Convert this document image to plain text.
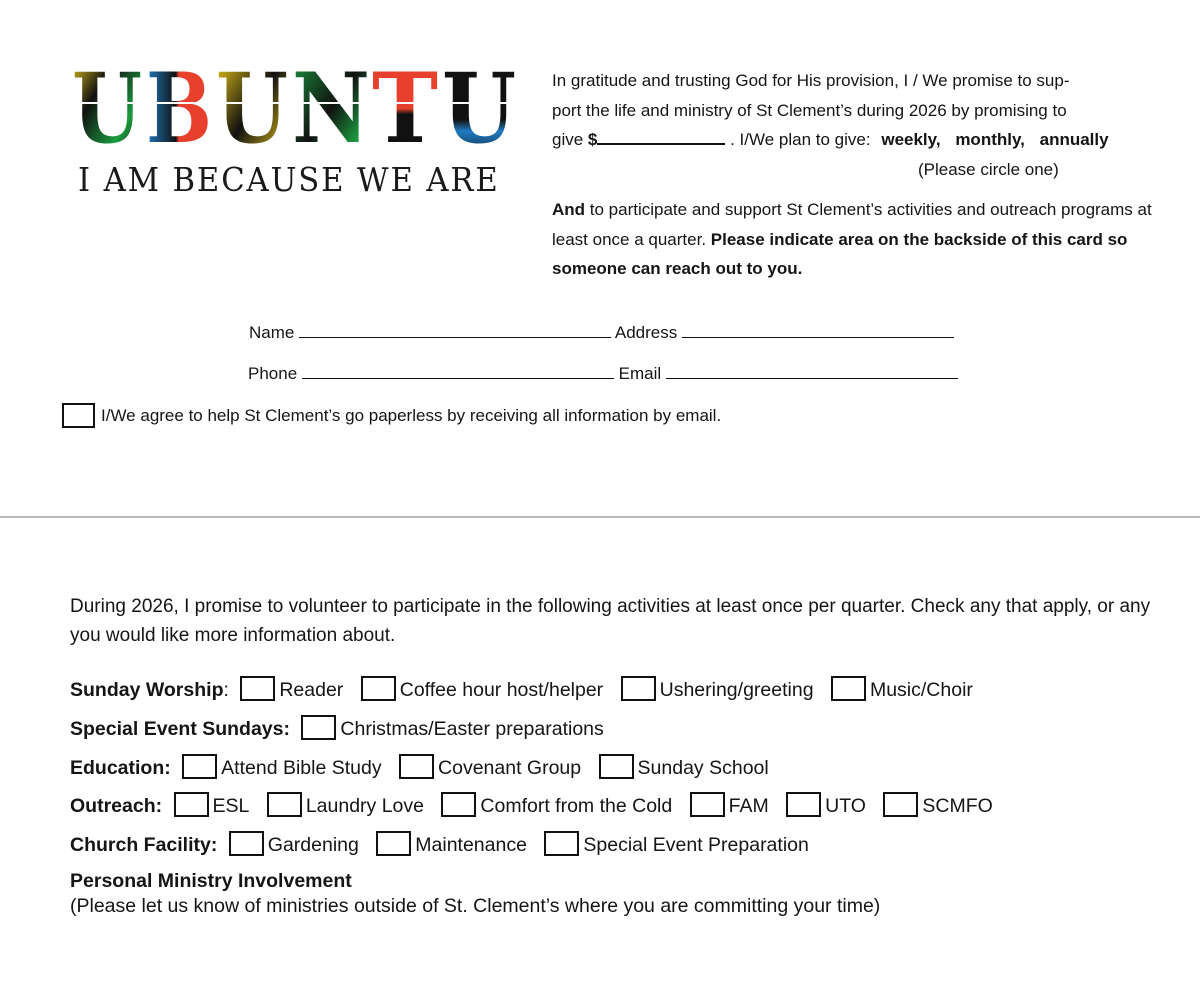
U B U N T U
I AM BECAUSE WE ARE
In gratitude and trusting God for His provision, I / We promise to sup-
port the life and ministry of St Clement’s during 2026 by promising to
give $	. I/We plan to give: weekly, monthly, annually
(Please circle one)
And to participate and support St Clement’s activities and outreach programs at least once a quarter. Please indicate area on the backside of this card so someone can reach out to you.
Name	Address
Phone	Email
I/We agree to help St Clement’s go paperless by receiving all information by email.
During 2026, I promise to volunteer to participate in the following activities at least once per quarter. Check any that apply, or any you would like more information about.
Sunday Worship:	Reader	Coffee hour host/helper	Ushering/greeting	Music/Choir
Special Event Sundays:	Christmas/Easter preparations
Education:	Attend Bible Study	Covenant Group	Sunday School
Outreach:	ESL	Laundry Love	Comfort from the Cold	FAM	UTO	SCMFO
Church Facility:	Gardening	Maintenance	Special Event Preparation
Personal Ministry Involvement
(Please let us know of ministries outside of St. Clement’s where you are committing your time)
